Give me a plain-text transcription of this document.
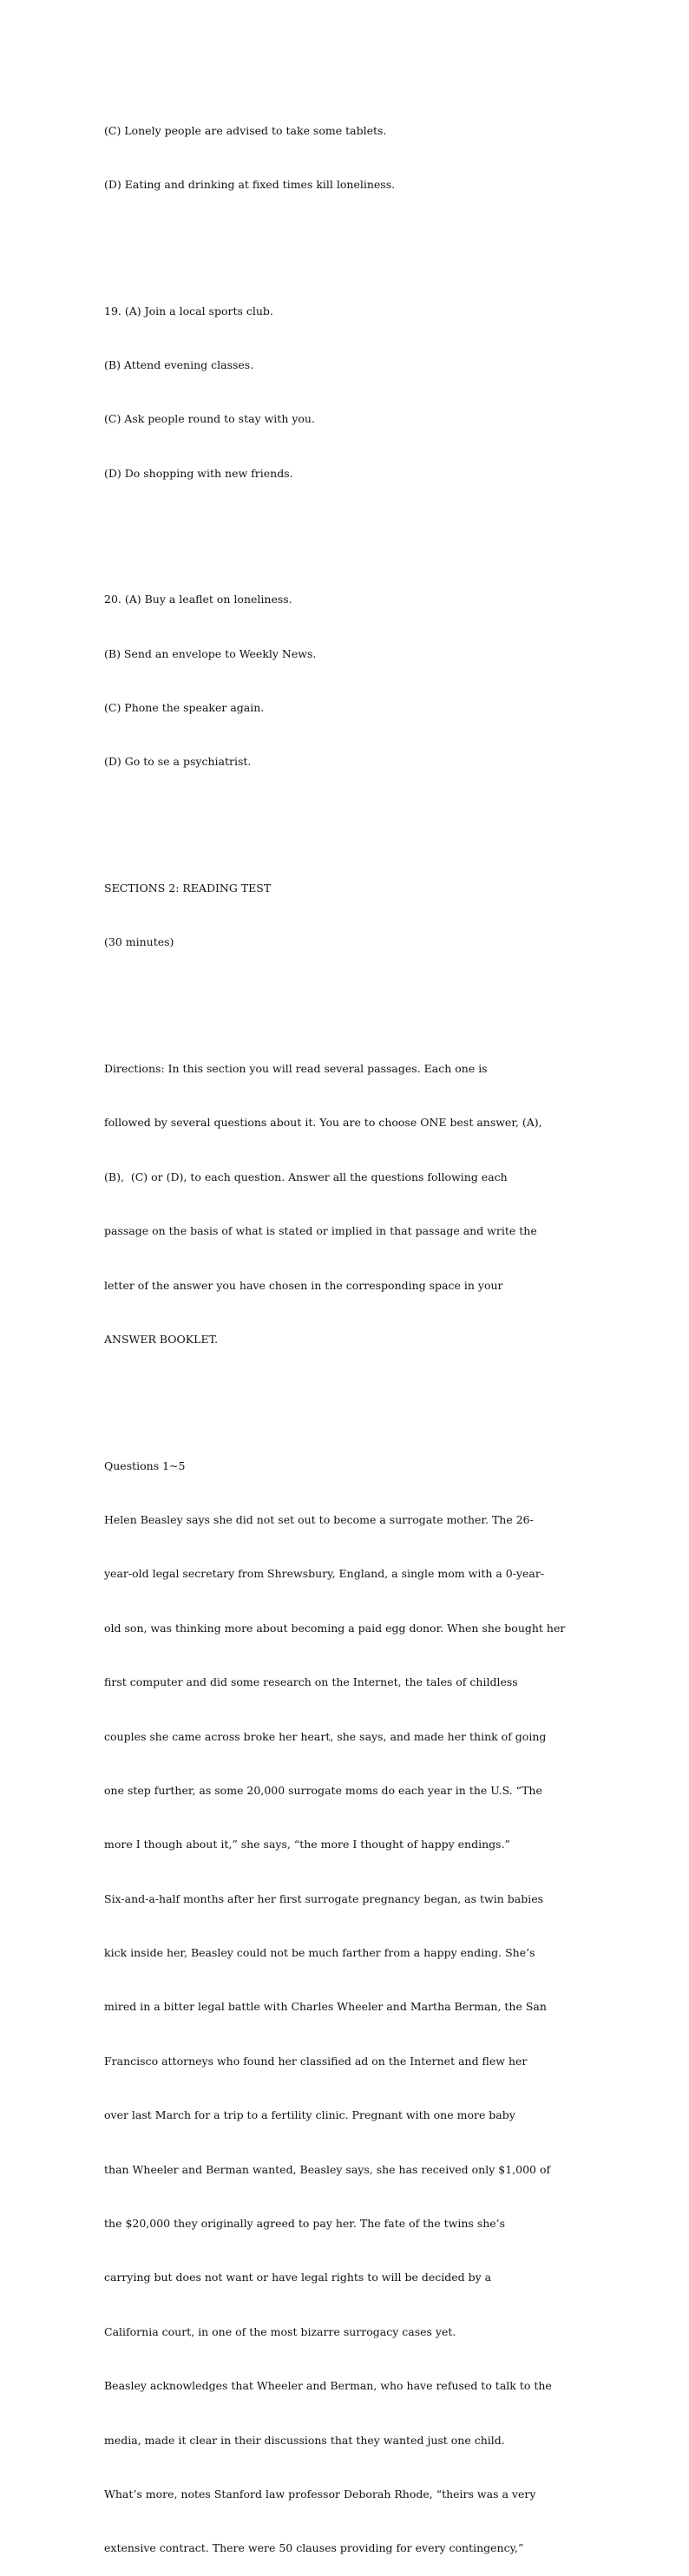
(C) Lonely people are advised to take some tablets.

(D) Eating and drinking at fixed times kill loneliness.

19. (A) Join a local sports club.

(B) Attend evening classes.

(C) Ask people round to stay with you.

(D) Do shopping with new friends.

20. (A) Buy a leaflet on loneliness.

(B) Send an envelope to Weekly News.

(C) Phone the speaker again.

(D) Go to se a psychiatrist.

SECTIONS 2: READING TEST

(30 minutes)

Directions: In this section you will read several passages. Each one is

followed by several questions about it. You are to choose ONE best answer, (A),

(B),  (C) or (D), to each question. Answer all the questions following each

passage on the basis of what is stated or implied in that passage and write the

letter of the answer you have chosen in the corresponding space in your

ANSWER BOOKLET.

Questions 1~5

Helen Beasley says she did not set out to become a surrogate mother. The 26-

year-old legal secretary from Shrewsbury, England, a single mom with a 0-year-

old son, was thinking more about becoming a paid egg donor. When she bought her

first computer and did some research on the Internet, the tales of childless

couples she came across broke her heart, she says, and made her think of going

one step further, as some 20,000 surrogate moms do each year in the U.S. “The

more I though about it,” she says, “the more I thought of happy endings.”

Six-and-a-half months after her first surrogate pregnancy began, as twin babies

kick inside her, Beasley could not be much farther from a happy ending. She’s

mired in a bitter legal battle with Charles Wheeler and Martha Berman, the San

Francisco attorneys who found her classified ad on the Internet and flew her

over last March for a trip to a fertility clinic. Pregnant with one more baby

than Wheeler and Berman wanted, Beasley says, she has received only $1,000 of

the $20,000 they originally agreed to pay her. The fate of the twins she’s

carrying but does not want or have legal rights to will be decided by a

California court, in one of the most bizarre surrogacy cases yet.

Beasley acknowledges that Wheeler and Berman, who have refused to talk to the

media, made it clear in their discussions that they wanted just one child.

What’s more, notes Stanford law professor Deborah Rhode, “theirs was a very

extensive contract. There were 50 clauses providing for every contingency,”
